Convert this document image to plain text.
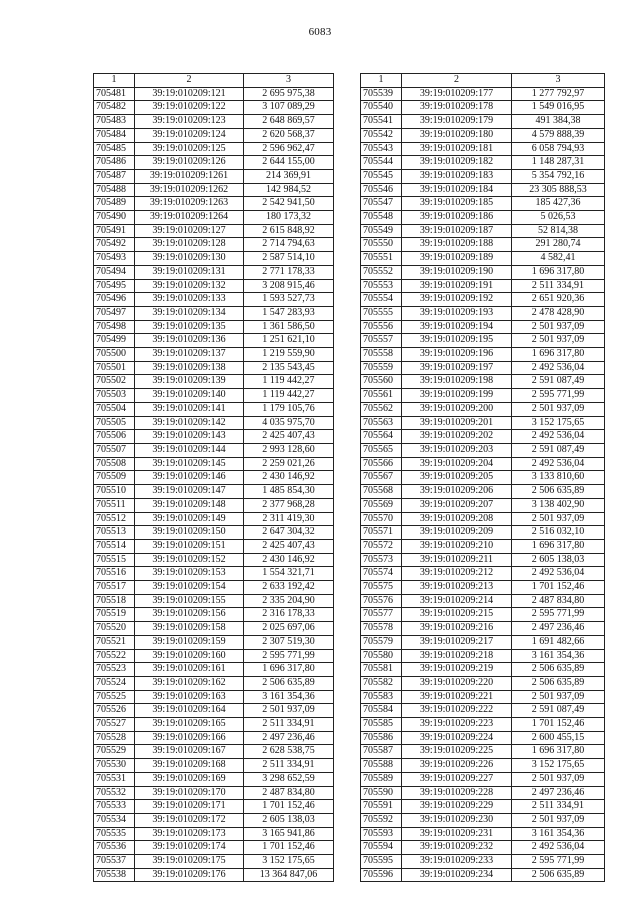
6083
1	2	3
705481	39:19:010209:121	2 695 975,38
705482	39:19:010209:122	3 107 089,29
705483	39:19:010209:123	2 648 869,57
705484	39:19:010209:124	2 620 568,37
705485	39:19:010209:125	2 596 962,47
705486	39:19:010209:126	2 644 155,00
705487	39:19:010209:1261	214 369,91
705488	39:19:010209:1262	142 984,52
705489	39:19:010209:1263	2 542 941,50
705490	39:19:010209:1264	180 173,32
705491	39:19:010209:127	2 615 848,92
705492	39:19:010209:128	2 714 794,63
705493	39:19:010209:130	2 587 514,10
705494	39:19:010209:131	2 771 178,33
705495	39:19:010209:132	3 208 915,46
705496	39:19:010209:133	1 593 527,73
705497	39:19:010209:134	1 547 283,93
705498	39:19:010209:135	1 361 586,50
705499	39:19:010209:136	1 251 621,10
705500	39:19:010209:137	1 219 559,90
705501	39:19:010209:138	2 135 543,45
705502	39:19:010209:139	1 119 442,27
705503	39:19:010209:140	1 119 442,27
705504	39:19:010209:141	1 179 105,76
705505	39:19:010209:142	4 035 975,70
705506	39:19:010209:143	2 425 407,43
705507	39:19:010209:144	2 993 128,60
705508	39:19:010209:145	2 259 021,26
705509	39:19:010209:146	2 430 146,92
705510	39:19:010209:147	1 485 854,30
705511	39:19:010209:148	2 377 968,28
705512	39:19:010209:149	2 311 419,30
705513	39:19:010209:150	2 647 304,32
705514	39:19:010209:151	2 425 407,43
705515	39:19:010209:152	2 430 146,92
705516	39:19:010209:153	1 554 321,71
705517	39:19:010209:154	2 633 192,42
705518	39:19:010209:155	2 335 204,90
705519	39:19:010209:156	2 316 178,33
705520	39:19:010209:158	2 025 697,06
705521	39:19:010209:159	2 307 519,30
705522	39:19:010209:160	2 595 771,99
705523	39:19:010209:161	1 696 317,80
705524	39:19:010209:162	2 506 635,89
705525	39:19:010209:163	3 161 354,36
705526	39:19:010209:164	2 501 937,09
705527	39:19:010209:165	2 511 334,91
705528	39:19:010209:166	2 497 236,46
705529	39:19:010209:167	2 628 538,75
705530	39:19:010209:168	2 511 334,91
705531	39:19:010209:169	3 298 652,59
705532	39:19:010209:170	2 487 834,80
705533	39:19:010209:171	1 701 152,46
705534	39:19:010209:172	2 605 138,03
705535	39:19:010209:173	3 165 941,86
705536	39:19:010209:174	1 701 152,46
705537	39:19:010209:175	3 152 175,65
705538	39:19:010209:176	13 364 847,06
1	2	3
705539	39:19:010209:177	1 277 792,97
705540	39:19:010209:178	1 549 016,95
705541	39:19:010209:179	491 384,38
705542	39:19:010209:180	4 579 888,39
705543	39:19:010209:181	6 058 794,93
705544	39:19:010209:182	1 148 287,31
705545	39:19:010209:183	5 354 792,16
705546	39:19:010209:184	23 305 888,53
705547	39:19:010209:185	185 427,36
705548	39:19:010209:186	5 026,53
705549	39:19:010209:187	52 814,38
705550	39:19:010209:188	291 280,74
705551	39:19:010209:189	4 582,41
705552	39:19:010209:190	1 696 317,80
705553	39:19:010209:191	2 511 334,91
705554	39:19:010209:192	2 651 920,36
705555	39:19:010209:193	2 478 428,90
705556	39:19:010209:194	2 501 937,09
705557	39:19:010209:195	2 501 937,09
705558	39:19:010209:196	1 696 317,80
705559	39:19:010209:197	2 492 536,04
705560	39:19:010209:198	2 591 087,49
705561	39:19:010209:199	2 595 771,99
705562	39:19:010209:200	2 501 937,09
705563	39:19:010209:201	3 152 175,65
705564	39:19:010209:202	2 492 536,04
705565	39:19:010209:203	2 591 087,49
705566	39:19:010209:204	2 492 536,04
705567	39:19:010209:205	3 133 810,60
705568	39:19:010209:206	2 506 635,89
705569	39:19:010209:207	3 138 402,90
705570	39:19:010209:208	2 501 937,09
705571	39:19:010209:209	2 516 032,10
705572	39:19:010209:210	1 696 317,80
705573	39:19:010209:211	2 605 138,03
705574	39:19:010209:212	2 492 536,04
705575	39:19:010209:213	1 701 152,46
705576	39:19:010209:214	2 487 834,80
705577	39:19:010209:215	2 595 771,99
705578	39:19:010209:216	2 497 236,46
705579	39:19:010209:217	1 691 482,66
705580	39:19:010209:218	3 161 354,36
705581	39:19:010209:219	2 506 635,89
705582	39:19:010209:220	2 506 635,89
705583	39:19:010209:221	2 501 937,09
705584	39:19:010209:222	2 591 087,49
705585	39:19:010209:223	1 701 152,46
705586	39:19:010209:224	2 600 455,15
705587	39:19:010209:225	1 696 317,80
705588	39:19:010209:226	3 152 175,65
705589	39:19:010209:227	2 501 937,09
705590	39:19:010209:228	2 497 236,46
705591	39:19:010209:229	2 511 334,91
705592	39:19:010209:230	2 501 937,09
705593	39:19:010209:231	3 161 354,36
705594	39:19:010209:232	2 492 536,04
705595	39:19:010209:233	2 595 771,99
705596	39:19:010209:234	2 506 635,89
